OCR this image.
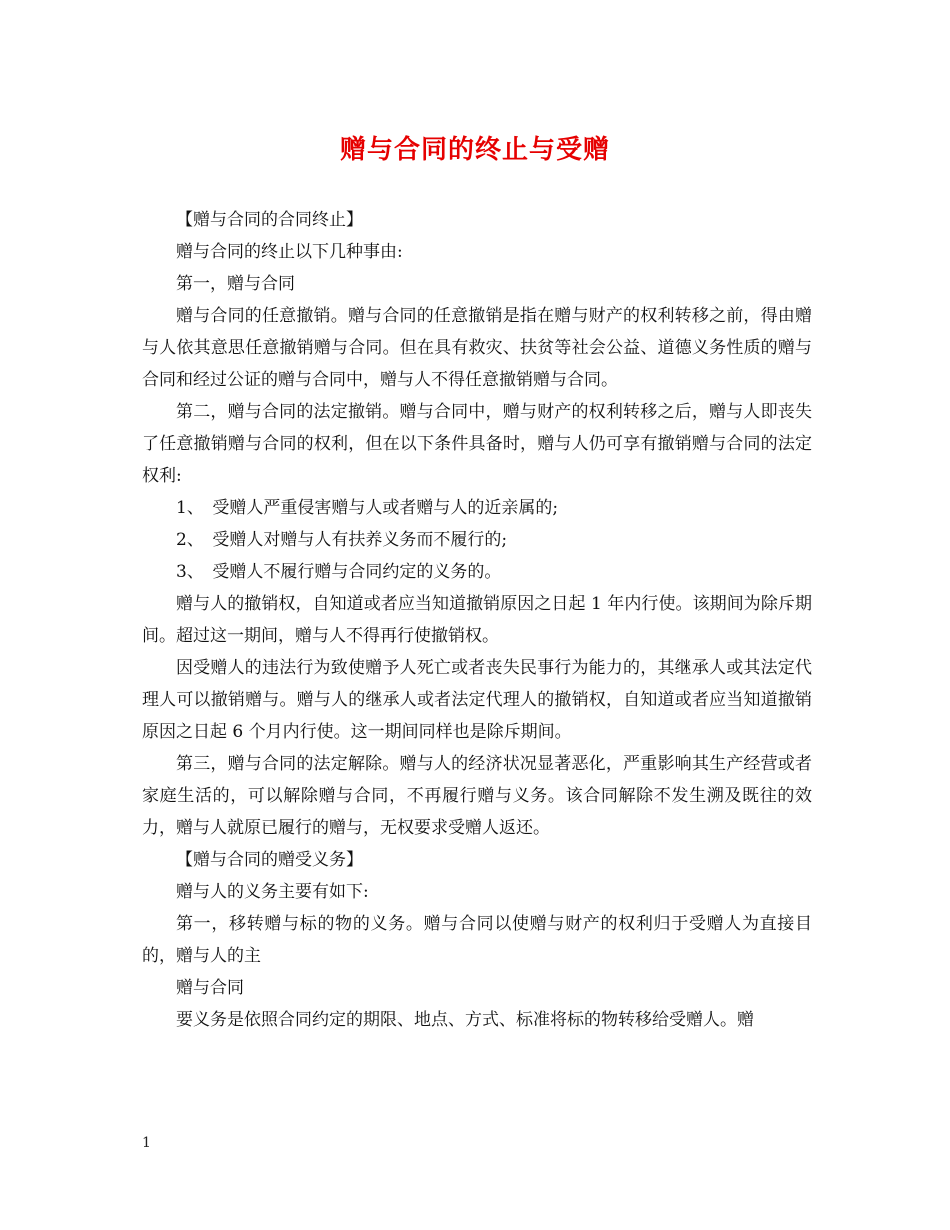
赠与合同的终止与受赠

【赠与合同的合同终止】

赠与合同的终止以下几种事由:

第一，赠与合同

赠与合同的任意撤销。赠与合同的任意撤销是指在赠与财产的权利转移之前，得由赠与人依其意思任意撤销赠与合同。但在具有救灾、扶贫等社会公益、道德义务性质的赠与合同和经过公证的赠与合同中，赠与人不得任意撤销赠与合同。

第二，赠与合同的法定撤销。赠与合同中，赠与财产的权利转移之后，赠与人即丧失了任意撤销赠与合同的权利，但在以下条件具备时，赠与人仍可享有撤销赠与合同的法定权利:

1、　受赠人严重侵害赠与人或者赠与人的近亲属的;

2、　受赠人对赠与人有扶养义务而不履行的;

3、　受赠人不履行赠与合同约定的义务的。

赠与人的撤销权，自知道或者应当知道撤销原因之日起 1 年内行使。该期间为除斥期间。超过这一期间，赠与人不得再行使撤销权。

因受赠人的违法行为致使赠予人死亡或者丧失民事行为能力的，其继承人或其法定代理人可以撤销赠与。赠与人的继承人或者法定代理人的撤销权，自知道或者应当知道撤销原因之日起 6 个月内行使。这一期间同样也是除斥期间。

第三，赠与合同的法定解除。赠与人的经济状况显著恶化，严重影响其生产经营或者家庭生活的，可以解除赠与合同，不再履行赠与义务。该合同解除不发生溯及既往的效力，赠与人就原已履行的赠与，无权要求受赠人返还。

【赠与合同的赠受义务】

赠与人的义务主要有如下:

第一，移转赠与标的物的义务。赠与合同以使赠与财产的权利归于受赠人为直接目的，赠与人的主

赠与合同

要义务是依照合同约定的期限、地点、方式、标准将标的物转移给受赠人。赠

1
